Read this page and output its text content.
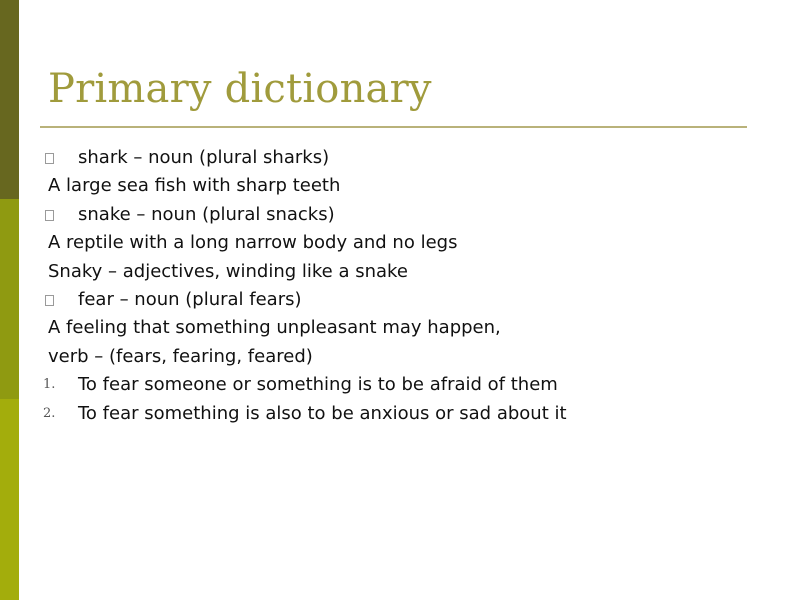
Primary dictionary
shark – noun (plural sharks)
A large sea fish with sharp teeth
snake – noun (plural snacks)
A reptile with a long narrow body and no legs
Snaky – adjectives, winding like a snake
fear – noun (plural fears)
A feeling that something unpleasant may happen,
verb – (fears, fearing, feared)
1.	To fear someone or something is to be afraid of them
2.	To fear something is also to be anxious or sad about it
